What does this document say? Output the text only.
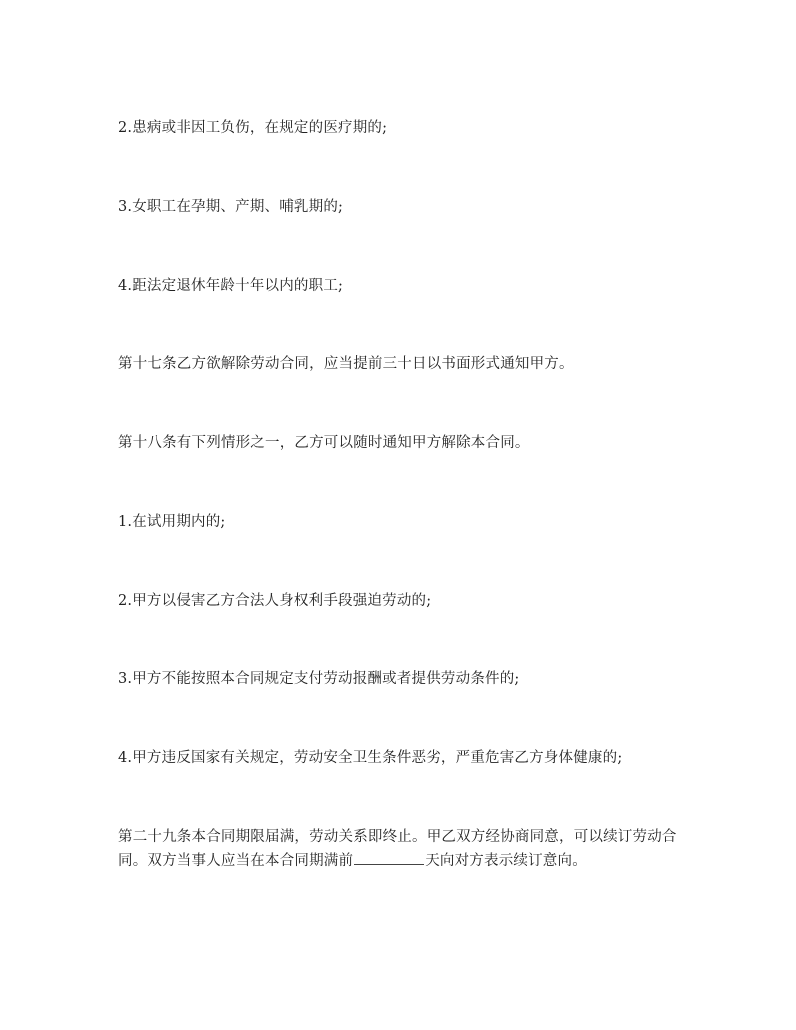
2.患病或非因工负伤，在规定的医疗期的;
3.女职工在孕期、产期、哺乳期的;
4.距法定退休年龄十年以内的职工;
第十七条乙方欲解除劳动合同，应当提前三十日以书面形式通知甲方。
第十八条有下列情形之一，乙方可以随时通知甲方解除本合同。
1.在试用期内的;
2.甲方以侵害乙方合法人身权利手段强迫劳动的;
3.甲方不能按照本合同规定支付劳动报酬或者提供劳动条件的;
4.甲方违反国家有关规定，劳动安全卫生条件恶劣，严重危害乙方身体健康的;
第二十九条本合同期限届满，劳动关系即终止。甲乙双方经协商同意，可以续订劳动合同。双方当事人应当在本合同期满前	天向对方表示续订意向。
